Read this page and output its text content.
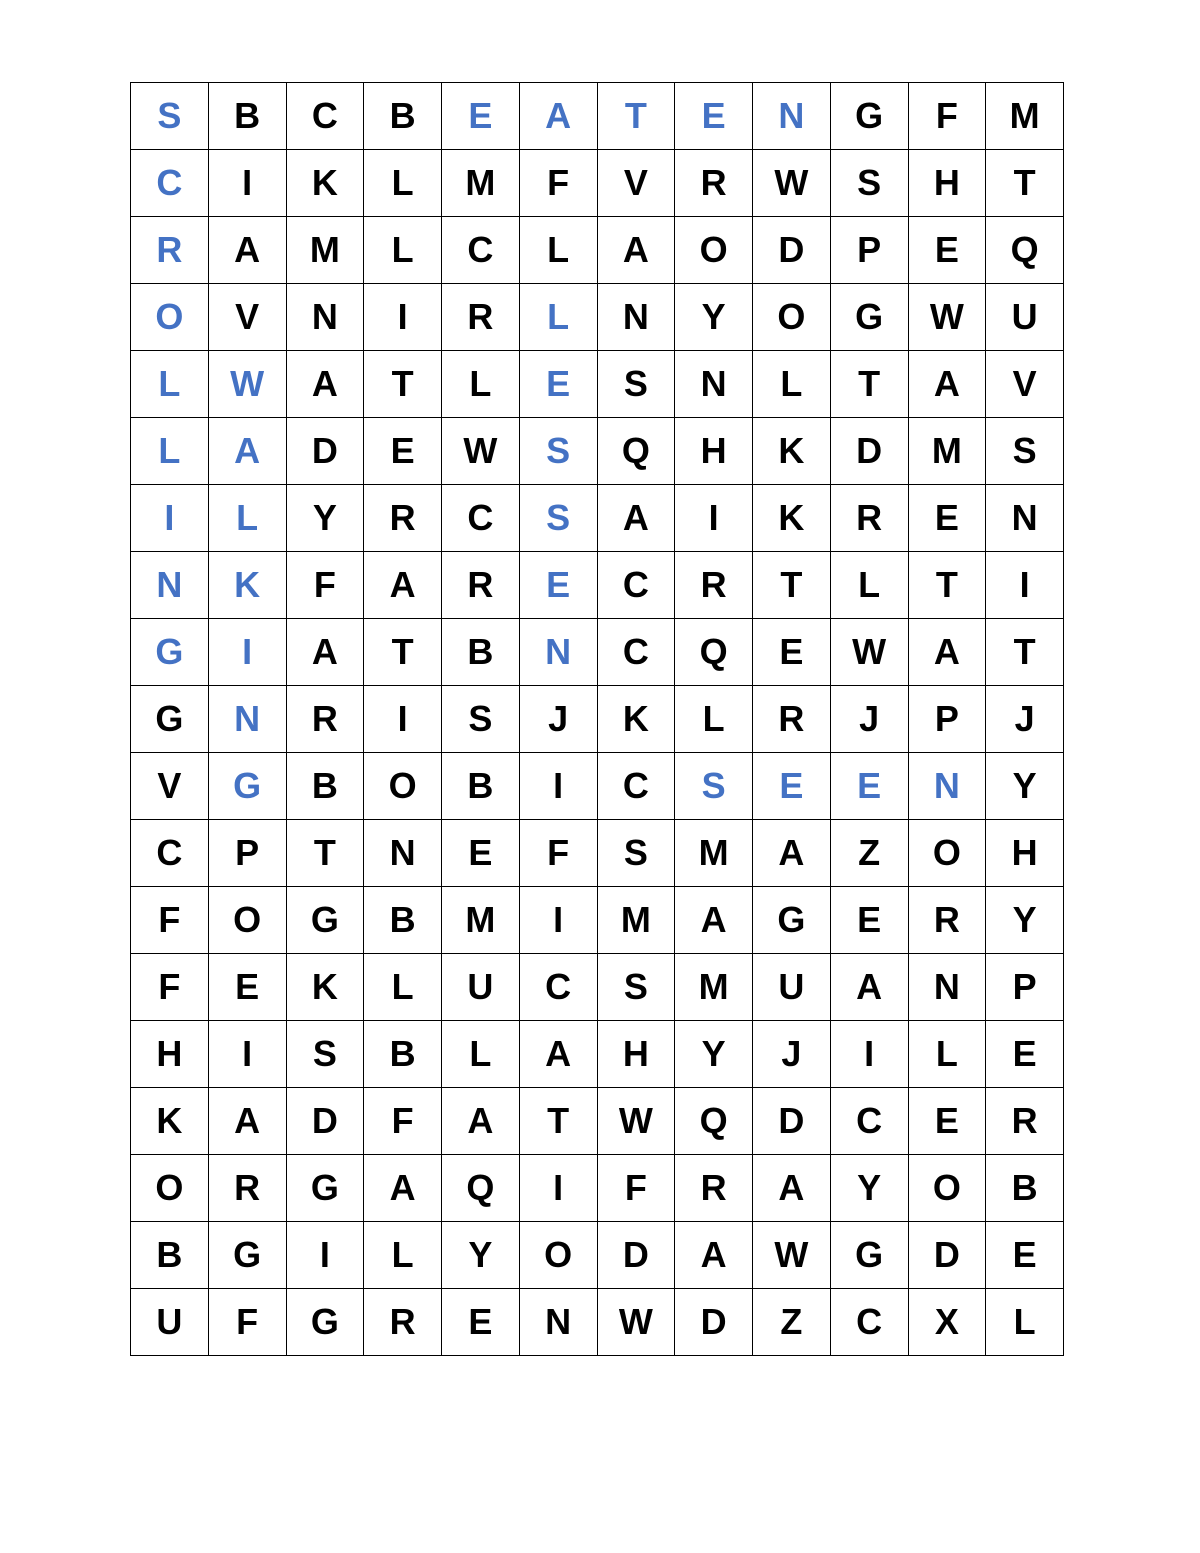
S	B	C	B	E	A	T	E	N	G	F	M
C	I	K	L	M	F	V	R	W	S	H	T
R	A	M	L	C	L	A	O	D	P	E	Q
O	V	N	I	R	L	N	Y	O	G	W	U
L	W	A	T	L	E	S	N	L	T	A	V
L	A	D	E	W	S	Q	H	K	D	M	S
I	L	Y	R	C	S	A	I	K	R	E	N
N	K	F	A	R	E	C	R	T	L	T	I
G	I	A	T	B	N	C	Q	E	W	A	T
G	N	R	I	S	J	K	L	R	J	P	J
V	G	B	O	B	I	C	S	E	E	N	Y
C	P	T	N	E	F	S	M	A	Z	O	H
F	O	G	B	M	I	M	A	G	E	R	Y
F	E	K	L	U	C	S	M	U	A	N	P
H	I	S	B	L	A	H	Y	J	I	L	E
K	A	D	F	A	T	W	Q	D	C	E	R
O	R	G	A	Q	I	F	R	A	Y	O	B
B	G	I	L	Y	O	D	A	W	G	D	E
U	F	G	R	E	N	W	D	Z	C	X	L
